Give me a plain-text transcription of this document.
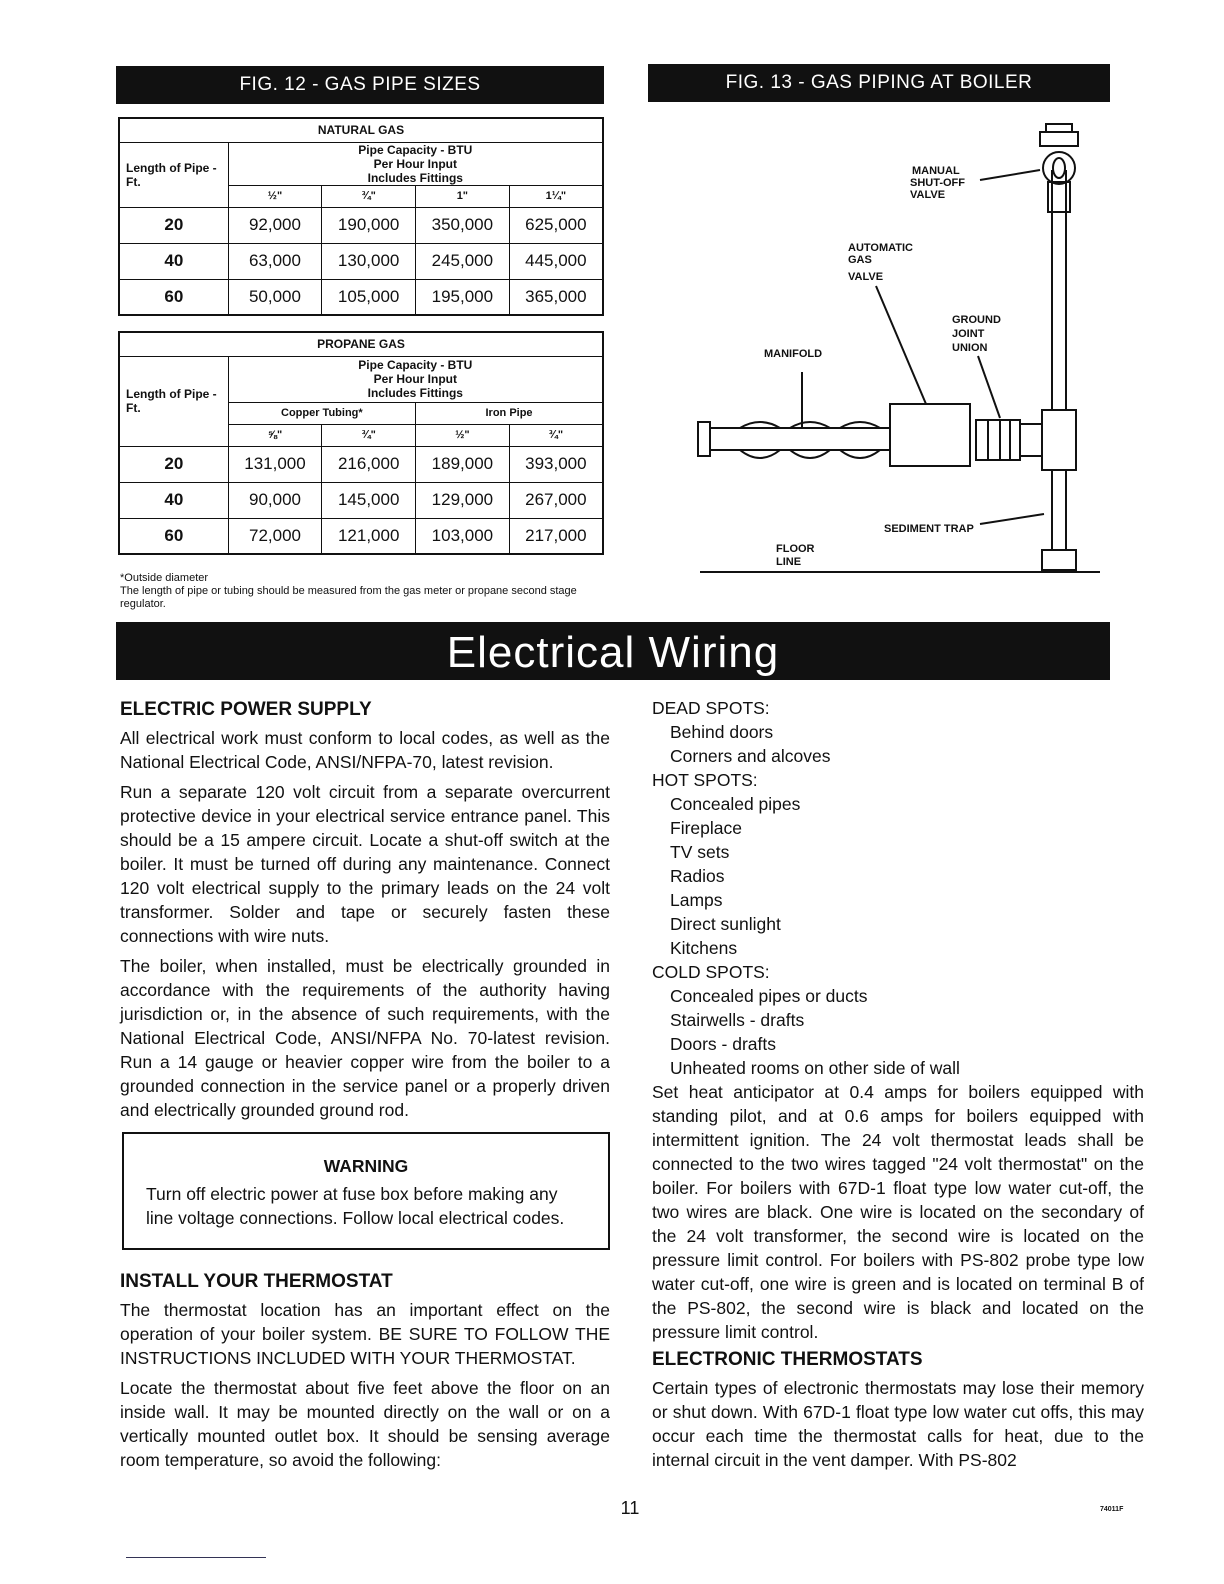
FIG. 12 - GAS PIPE SIZES
NATURAL GAS				
Length of Pipe - Ft.	Pipe Capacity - BTU Per Hour Input Includes Fittings			
	½"	¾"	1"	1¼"
20	92,000	190,000	350,000	625,000
40	63,000	130,000	245,000	445,000
60	50,000	105,000	195,000	365,000
PROPANE GAS				
Length of Pipe - Ft.	Pipe Capacity - BTU Per Hour Input Includes Fittings			
	Copper Tubing*		Iron Pipe	
	⅝"	¾"	½"	¾"
20	131,000	216,000	189,000	393,000
40	90,000	145,000	129,000	267,000
60	72,000	121,000	103,000	217,000
*Outside diameter
The length of pipe or tubing should be measured from the gas meter or propane second stage regulator.
FIG. 13 - GAS PIPING AT BOILER
MANUAL
SHUT-OFF
VALVE
AUTOMATIC
GAS
VALVE
GROUND
JOINT
UNION
MANIFOLD
SEDIMENT TRAP
FLOOR
LINE
Electrical Wiring
ELECTRIC POWER SUPPLY

All electrical work must conform to local codes, as well as the National Electrical Code, ANSI/NFPA-70, latest revision.

Run a separate 120 volt circuit from a separate overcurrent protective device in your electrical service entrance panel. This should be a 15 ampere circuit. Locate a shut-off switch at the boiler. It must be turned off during any maintenance. Connect 120 volt electrical supply to the primary leads on the 24 volt transformer. Solder and tape or securely fasten these connections with wire nuts.

The boiler, when installed, must be electrically grounded in accordance with the requirements of the authority having jurisdiction or, in the absence of such requirements, with the National Electrical Code, ANSI/NFPA No. 70-latest revision. Run a 14 gauge or heavier copper wire from the boiler to a grounded connection in the service panel or a properly driven and electrically grounded ground rod.

WARNING
Turn off electric power at fuse box before making any line voltage connections. Follow local electrical codes.
INSTALL YOUR THERMOSTAT

The thermostat location has an important effect on the operation of your boiler system. BE SURE TO FOLLOW THE INSTRUCTIONS INCLUDED WITH YOUR THERMOSTAT.

Locate the thermostat about five feet above the floor on an inside wall. It may be mounted directly on the wall or on a vertically mounted outlet box. It should be sensing average room temperature, so avoid the following:

DEAD SPOTS:
Behind doors
Corners and alcoves
HOT SPOTS:
Concealed pipes
Fireplace
TV sets
Radios
Lamps
Direct sunlight
Kitchens
COLD SPOTS:
Concealed pipes or ducts
Stairwells - drafts
Doors - drafts
Unheated rooms on other side of wall

Set heat anticipator at 0.4 amps for boilers equipped with standing pilot, and at 0.6 amps for boilers equipped with intermittent ignition. The 24 volt thermostat leads shall be connected to the two wires tagged "24 volt thermostat" on the boiler. For boilers with 67D-1 float type low water cut-off, the two wires are black. One wire is located on the secondary of the 24 volt transformer, the second wire is located on the pressure limit control. For boilers with PS-802 probe type low water cut-off, one wire is green and is located on terminal B of the PS-802, the second wire is black and located on the pressure limit control.

ELECTRONIC THERMOSTATS

Certain types of electronic thermostats may lose their memory or shut down. With 67D-1 float type low water cut offs, this may occur each time the thermostat calls for heat, due to the internal circuit in the vent damper. With PS-802

11	74011F
